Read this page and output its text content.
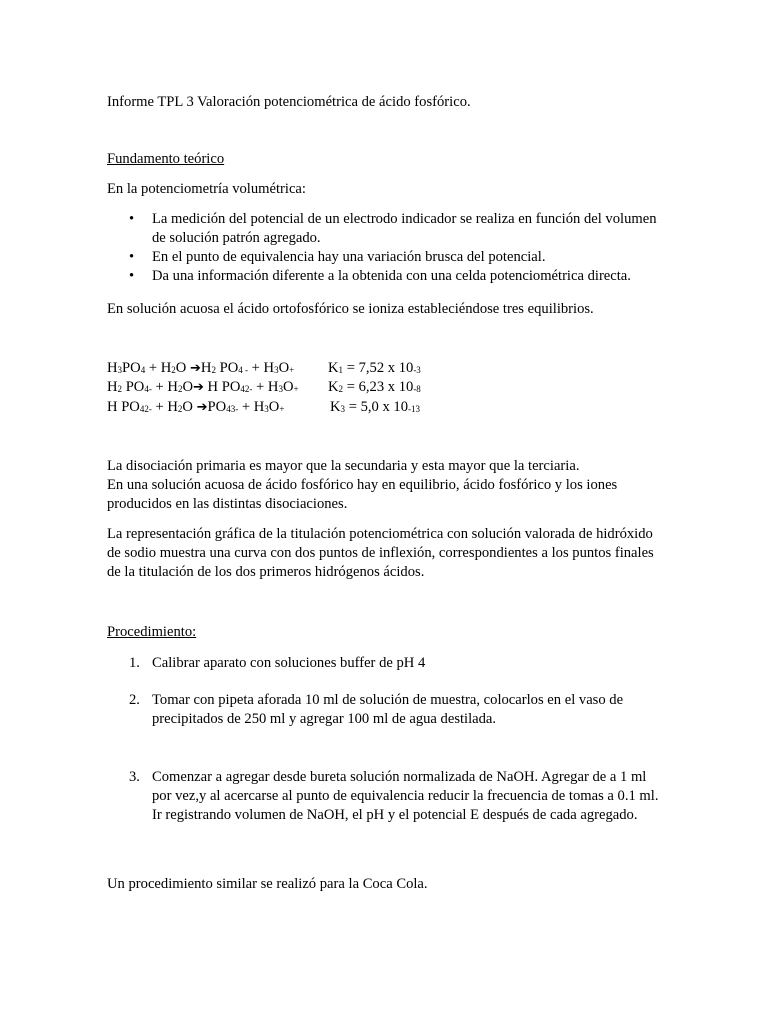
Informe TPL 3 Valoración potenciométrica de ácido fosfórico.

Fundamento teórico

En la potenciometría volumétrica:

• La medición del potencial de un electrodo indicador se realiza en función del volumen de solución patrón agregado.
• En el punto de equivalencia hay una variación brusca del potencial.
• Da una información diferente a la obtenida con una celda potenciométrica directa.

En solución acuosa el ácido ortofosfórico se ioniza estableciéndose tres equilibrios.

$H_3PO_4 + H_2O$ $➔H_2$ $PO_{4 -} + H_3O_+$ $K_1 = 7,52$ x $10_{-3}$
$H_2$ $PO_{4-}$ + $H_2O➔$ H $PO_{42-} + H_3O_+$ $K_2 = 6,23$ x $10_{-8}$
H $PO_{42-} + H_2O$ $➔PO_{43-} + H_3O_+$	$K_3 = 5,0$ x $10_{-13}$

La disociación primaria es mayor que la secundaria y esta mayor que la terciaria.
En una solución acuosa de ácido fosfórico hay en equilibrio, ácido fosfórico y los iones producidos en las distintas disociaciones.

La representación gráfica de la titulación potenciométrica con solución valorada de hidróxido de sodio muestra una curva con dos puntos de inflexión, correspondientes a los puntos finales de la titulación de los dos primeros hidrógenos ácidos.

Procedimiento:

1. Calibrar aparato con soluciones buffer de pH 4
2. Tomar con pipeta aforada 10 ml de solución de muestra, colocarlos en el vaso de precipitados de 250 ml y agregar 100 ml de agua destilada.
3. Comenzar a agregar desde bureta solución normalizada de NaOH. Agregar de a 1 ml por vez,y al acercarse al punto de equivalencia reducir la frecuencia de tomas a 0.1 ml.
Ir registrando volumen de NaOH, el pH y el potencial E después de cada agregado.

Un procedimiento similar se realizó para la Coca Cola.
